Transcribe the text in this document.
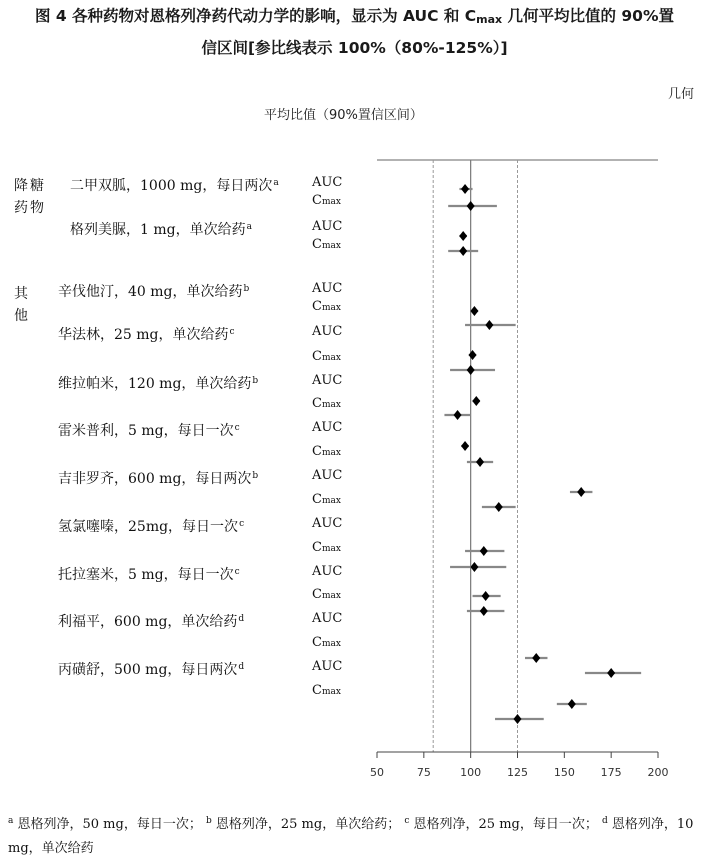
图 4 各种药物对恩格列净药代动力学的影响，显示为 AUC 和 $C_{max}$ 几何平均比值的 90%置
信区间[参比线表示 100%（80%-125%）]
几何
平均比值（90%置信区间）
降糖药物
其他
二甲双胍，1000 mg，每日两次$^a$
格列美脲，1 mg，单次给药$^a$
辛伐他汀，40 mg，单次给药$^b$
华法林，25 mg，单次给药$^c$
维拉帕米，120 mg，单次给药$^b$
雷米普利，5 mg，每日一次$^c$
吉非罗齐，600 mg，每日两次$^b$
氢氯噻嗪，25mg，每日一次$^c$
托拉塞米，5 mg，每日一次$^c$
利福平，600 mg，单次给药$^d$
丙磺舒，500 mg，每日两次$^d$
AUC
Cmax
AUC
Cmax
AUC
Cmax
AUC
Cmax
AUC
Cmax
AUC
Cmax
AUC
Cmax
AUC
Cmax
AUC
Cmax
AUC
Cmax
AUC
Cmax
50	75	100 125 150 175 200
$^a$ 恩格列净，50 mg，每日一次； $^b$ 恩格列净，25 mg，单次给药； $^c$ 恩格列净，25 mg，每日一次； $^d$ 恩格列净，10 mg，单次给药
